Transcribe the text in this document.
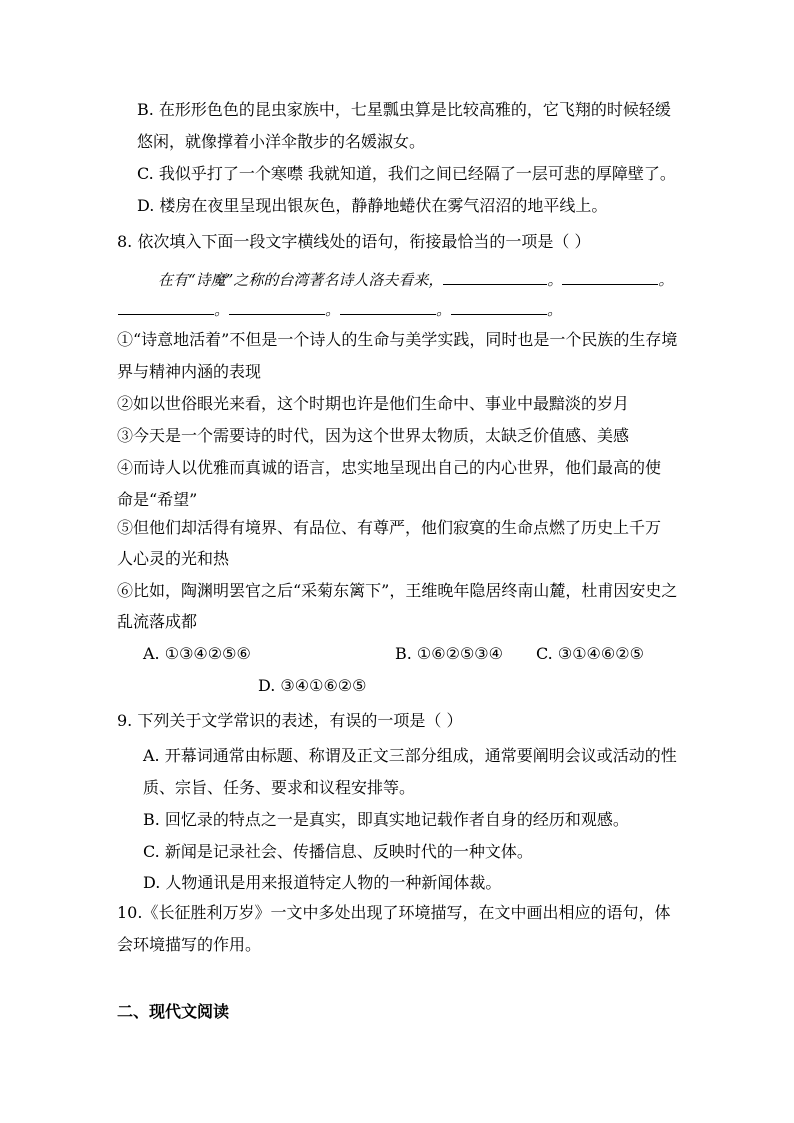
B. 在形形色色的昆虫家族中，七星瓢虫算是比较高雅的，它飞翔的时候轻缓
悠闲，就像撑着小洋伞散步的名媛淑女。
C. 我似乎打了一个寒噤 我就知道，我们之间已经隔了一层可悲的厚障壁了。
D. 楼房在夜里呈现出银灰色，静静地蜷伏在雾气沼沼的地平线上。
8. 依次填入下面一段文字横线处的语句，衔接最恰当的一项是（ ）
在有“诗魔”之称的台湾著名诗人洛夫看来，	。	。
。	。	。	。
①“诗意地活着”不但是一个诗人的生命与美学实践，同时也是一个民族的生存境
界与精神内涵的表现
②如以世俗眼光来看，这个时期也许是他们生命中、事业中最黯淡的岁月
③今天是一个需要诗的时代，因为这个世界太物质，太缺乏价值感、美感
④而诗人以优雅而真诚的语言，忠实地呈现出自己的内心世界，他们最高的使
命是“希望”
⑤但他们却活得有境界、有品位、有尊严，他们寂寞的生命点燃了历史上千万
人心灵的光和热
⑥比如，陶渊明罢官之后“采菊东篱下”，王维晚年隐居终南山麓，杜甫因安史之
乱流落成都
A. ①③④②⑤⑥	B. ①⑥②⑤③④ C. ③①④⑥②⑤
D. ③④①⑥②⑤
9. 下列关于文学常识的表述，有误的一项是（ ）
A. 开幕词通常由标题、称谓及正文三部分组成，通常要阐明会议或活动的性
质、宗旨、任务、要求和议程安排等。
B. 回忆录的特点之一是真实，即真实地记载作者自身的经历和观感。
C. 新闻是记录社会、传播信息、反映时代的一种文体。
D. 人物通讯是用来报道特定人物的一种新闻体裁。
10.《长征胜利万岁》一文中多处出现了环境描写，在文中画出相应的语句，体
会环境描写的作用。
二、现代文阅读
